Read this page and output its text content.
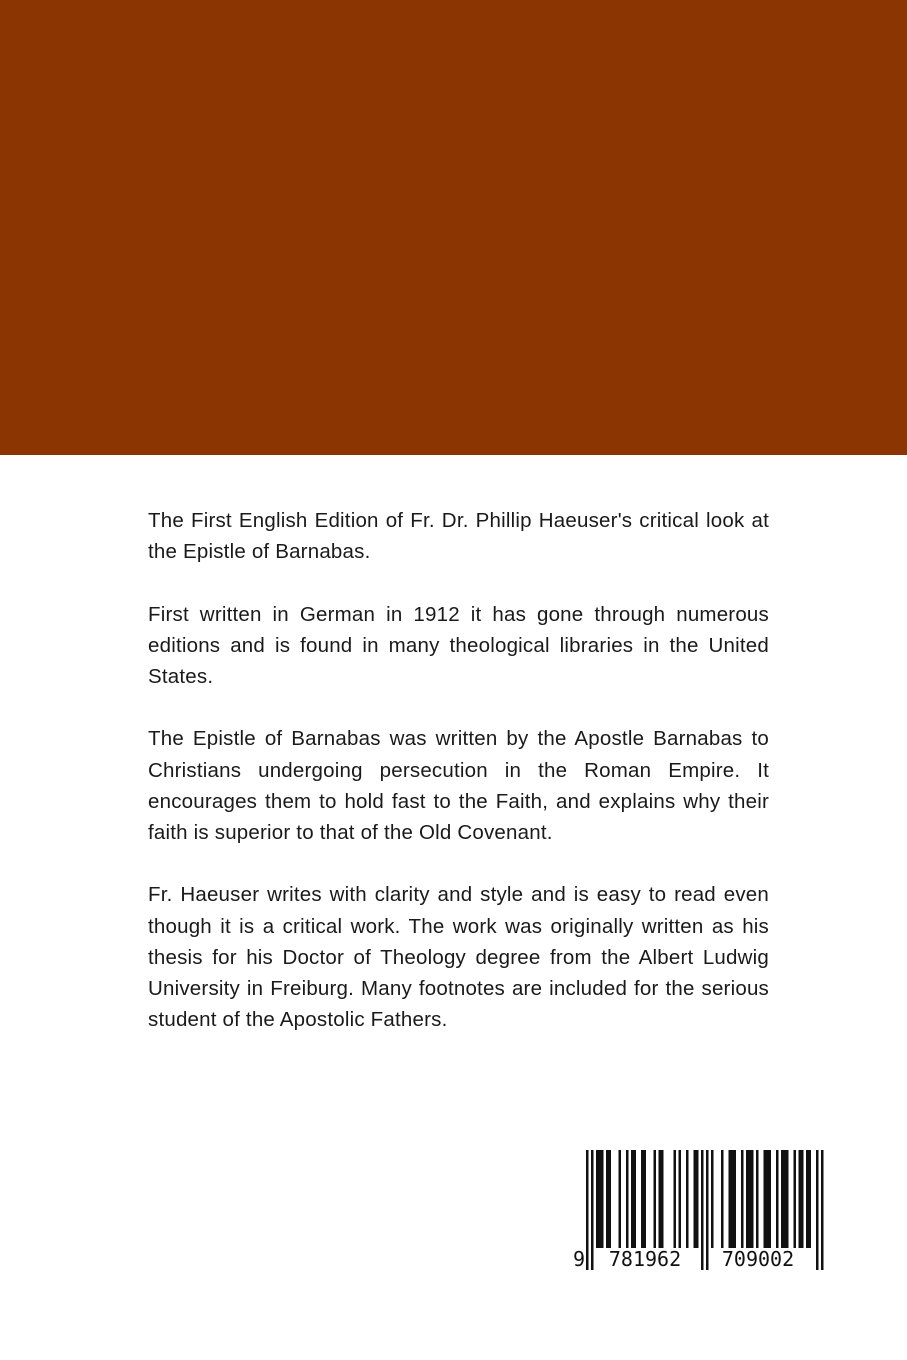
The First English Edition of Fr. Dr. Phillip Haeuser's critical look at the Epistle of Barnabas.

First written in German in 1912 it has gone through numerous editions and is found in many theological libraries in the United States.

The Epistle of Barnabas was written by the Apostle Barnabas to Christians undergoing persecution in the Roman Empire. It encourages them to hold fast to the Faith, and explains why their faith is superior to that of the Old Covenant.

Fr. Haeuser writes with clarity and style and is easy to read even though it is a critical work. The work was originally written as his thesis for his Doctor of Theology degree from the Albert Ludwig University in Freiburg. Many footnotes are included for the serious student of the Apostolic Fathers.

9 781962 709002
